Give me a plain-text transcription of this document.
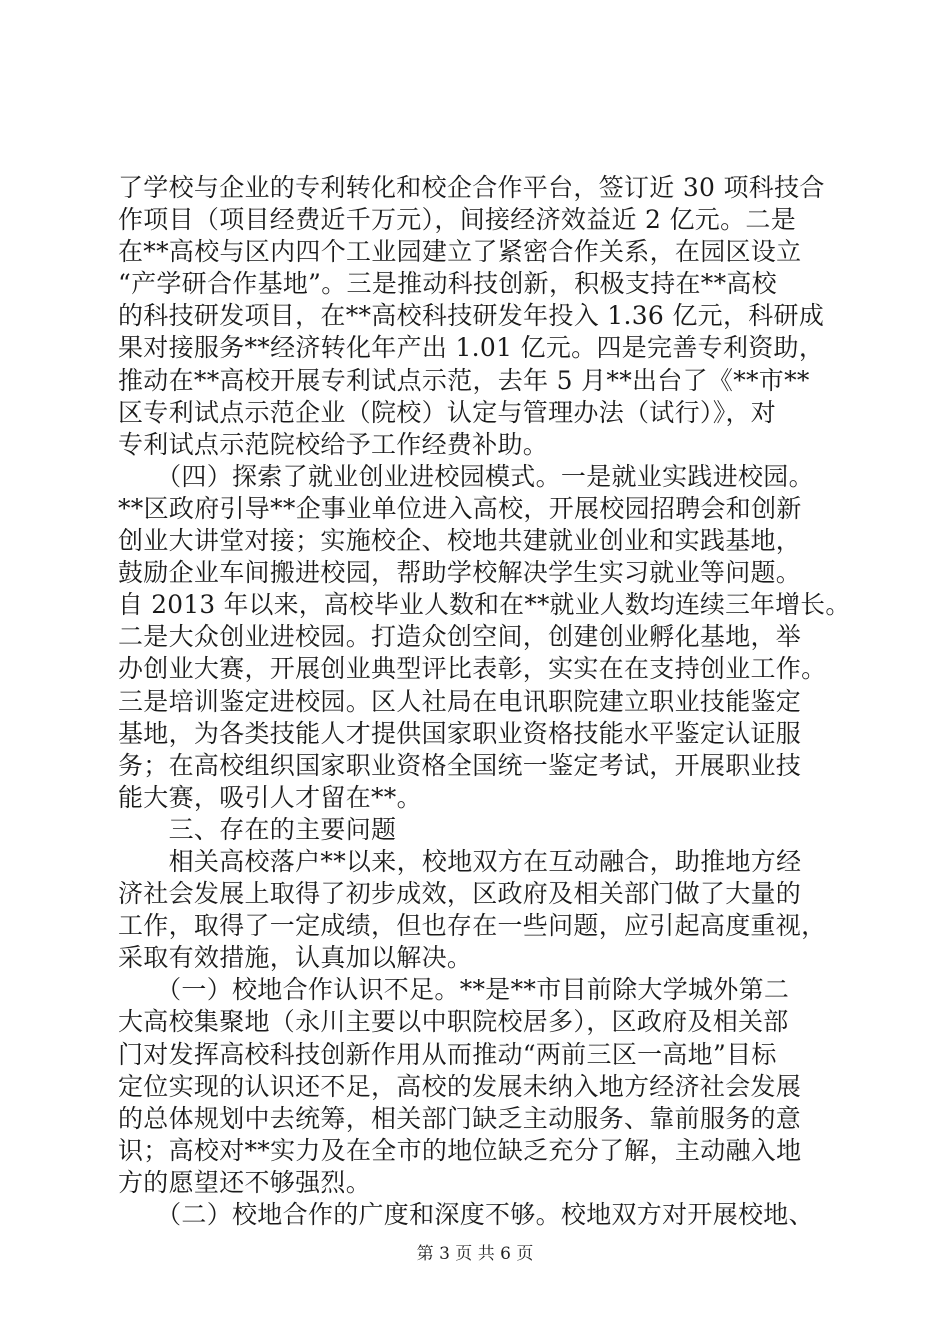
了学校与企业的专利转化和校企合作平台，签订近 30 项科技合
作项目（项目经费近千万元），间接经济效益近 2 亿元。二是
在**高校与区内四个工业园建立了紧密合作关系，在园区设立
“产学研合作基地”。三是推动科技创新，积极支持在**高校
的科技研发项目，在**高校科技研发年投入 1.36 亿元，科研成
果对接服务**经济转化年产出 1.01 亿元。四是完善专利资助，
推动在**高校开展专利试点示范，去年 5 月**出台了《**市**
区专利试点示范企业（院校）认定与管理办法（试行）》，对
专利试点示范院校给予工作经费补助。
　　（四）探索了就业创业进校园模式。一是就业实践进校园。
**区政府引导**企事业单位进入高校，开展校园招聘会和创新
创业大讲堂对接；实施校企、校地共建就业创业和实践基地，
鼓励企业车间搬进校园，帮助学校解决学生实习就业等问题。
自 2013 年以来，高校毕业人数和在**就业人数均连续三年增长。
二是大众创业进校园。打造众创空间，创建创业孵化基地，举
办创业大赛，开展创业典型评比表彰，实实在在支持创业工作。
三是培训鉴定进校园。区人社局在电讯职院建立职业技能鉴定
基地，为各类技能人才提供国家职业资格技能水平鉴定认证服
务；在高校组织国家职业资格全国统一鉴定考试，开展职业技
能大赛，吸引人才留在**。
　　三、存在的主要问题
　　相关高校落户**以来，校地双方在互动融合，助推地方经
济社会发展上取得了初步成效，区政府及相关部门做了大量的
工作，取得了一定成绩，但也存在一些问题，应引起高度重视，
采取有效措施，认真加以解决。
　　（一）校地合作认识不足。**是**市目前除大学城外第二
大高校集聚地（永川主要以中职院校居多），区政府及相关部
门对发挥高校科技创新作用从而推动“两前三区一高地”目标
定位实现的认识还不足，高校的发展未纳入地方经济社会发展
的总体规划中去统筹，相关部门缺乏主动服务、靠前服务的意
识；高校对**实力及在全市的地位缺乏充分了解，主动融入地
方的愿望还不够强烈。
　　（二）校地合作的广度和深度不够。校地双方对开展校地、
第 3 页 共 6 页
